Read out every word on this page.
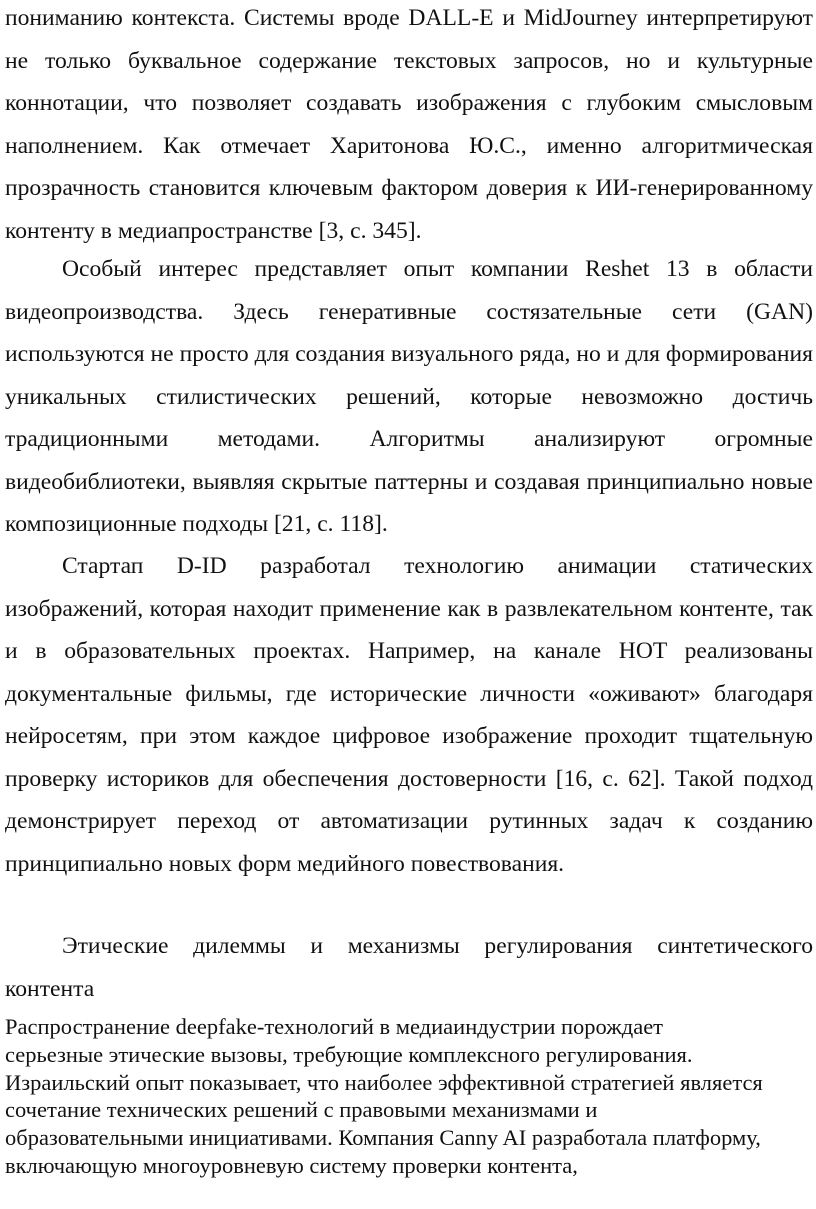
пониманию контекста. Системы вроде DALL-E и MidJourney интерпретируют не только буквальное содержание текстовых запросов, но и культурные коннотации, что позволяет создавать изображения с глубоким смысловым наполнением. Как отмечает Харитонова Ю.С., именно алгоритмическая прозрачность становится ключевым фактором доверия к ИИ-генерированному контенту в медиапространстве [3, с. 345].

Особый интерес представляет опыт компании Reshet 13 в области видеопроизводства. Здесь генеративные состязательные сети (GAN) используются не просто для создания визуального ряда, но и для формирования уникальных стилистических решений, которые невозможно достичь традиционными методами. Алгоритмы анализируют огромные видеобиблиотеки, выявляя скрытые паттерны и создавая принципиально новые композиционные подходы [21, с. 118].

Стартап D-ID разработал технологию анимации статических изображений, которая находит применение как в развлекательном контенте, так и в образовательных проектах. Например, на канале HOT реализованы документальные фильмы, где исторические личности «оживают» благодаря нейросетям, при этом каждое цифровое изображение проходит тщательную проверку историков для обеспечения достоверности [16, с. 62]. Такой подход демонстрирует переход от автоматизации рутинных задач к созданию принципиально новых форм медийного повествования.

Этические дилеммы и механизмы регулирования синтетического контента

Распространение deepfake-технологий в медиаиндустрии порождает серьезные этические вызовы, требующие комплексного регулирования. Израильский опыт показывает, что наиболее эффективной стратегией является сочетание технических решений с правовыми механизмами и образовательными инициативами. Компания Canny AI разработала платформу, включающую многоуровневую систему проверки контента,
